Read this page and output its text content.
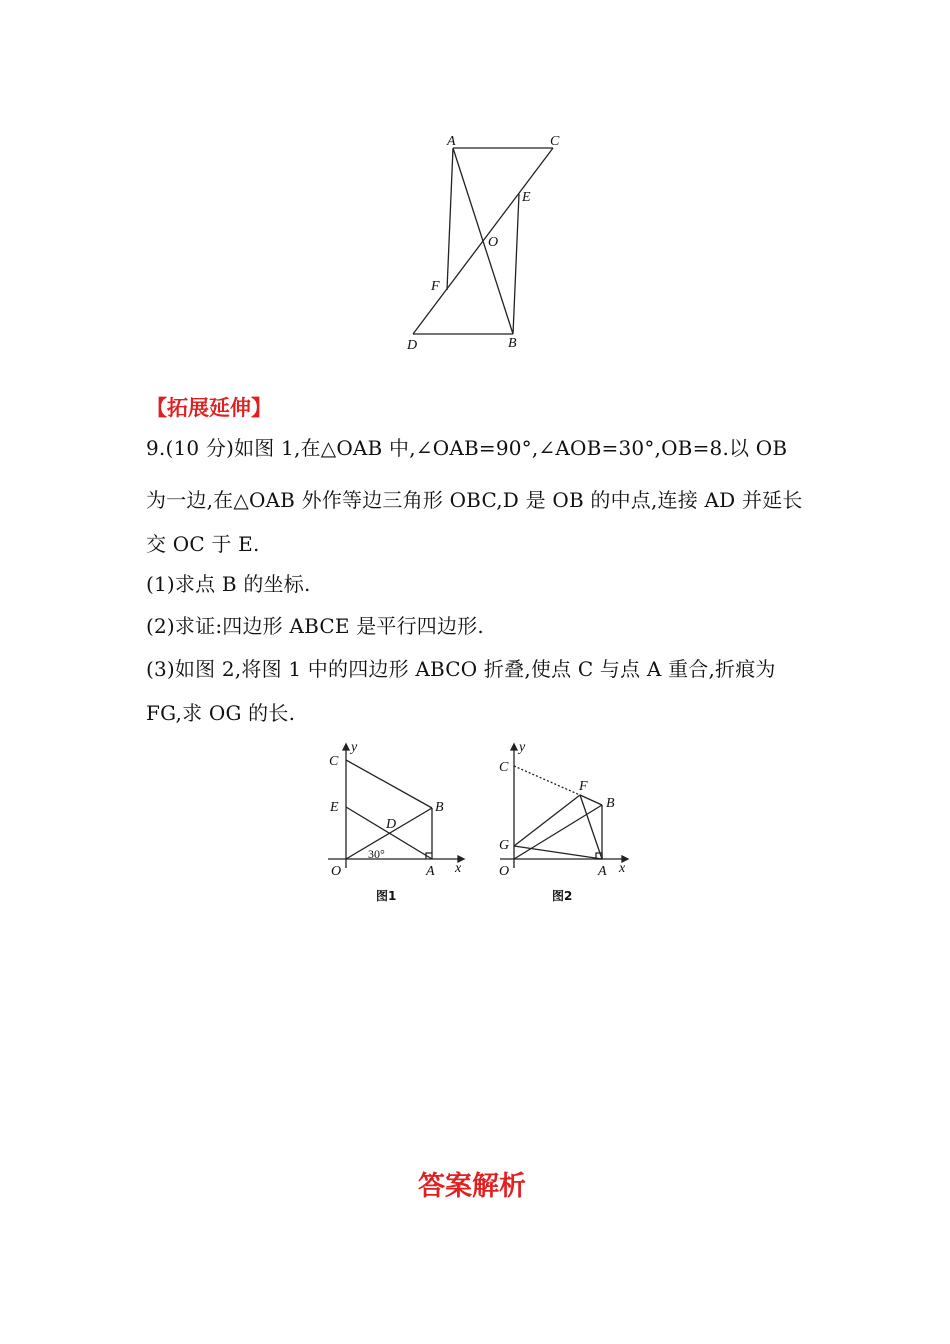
A	C
E
O
F
D	B
【拓展延伸】
9.(10 分)如图 1,在△OAB 中,∠OAB=90°,∠AOB=30°,OB=8.以 OB
为一边,在△OAB 外作等边三角形 OBC,D 是 OB 的中点,连接 AD 并延长
交 OC 于 E.
(1)求点 B 的坐标.
(2)求证:四边形 ABCE 是平行四边形.
(3)如图 2,将图 1 中的四边形 ABCO 折叠,使点 C 与点 A 重合,折痕为
FG,求 OG 的长.
y
C
E
D
B
30°
O	A x
图1
y
C
F
B
G
O	A x
图2
答案解析
